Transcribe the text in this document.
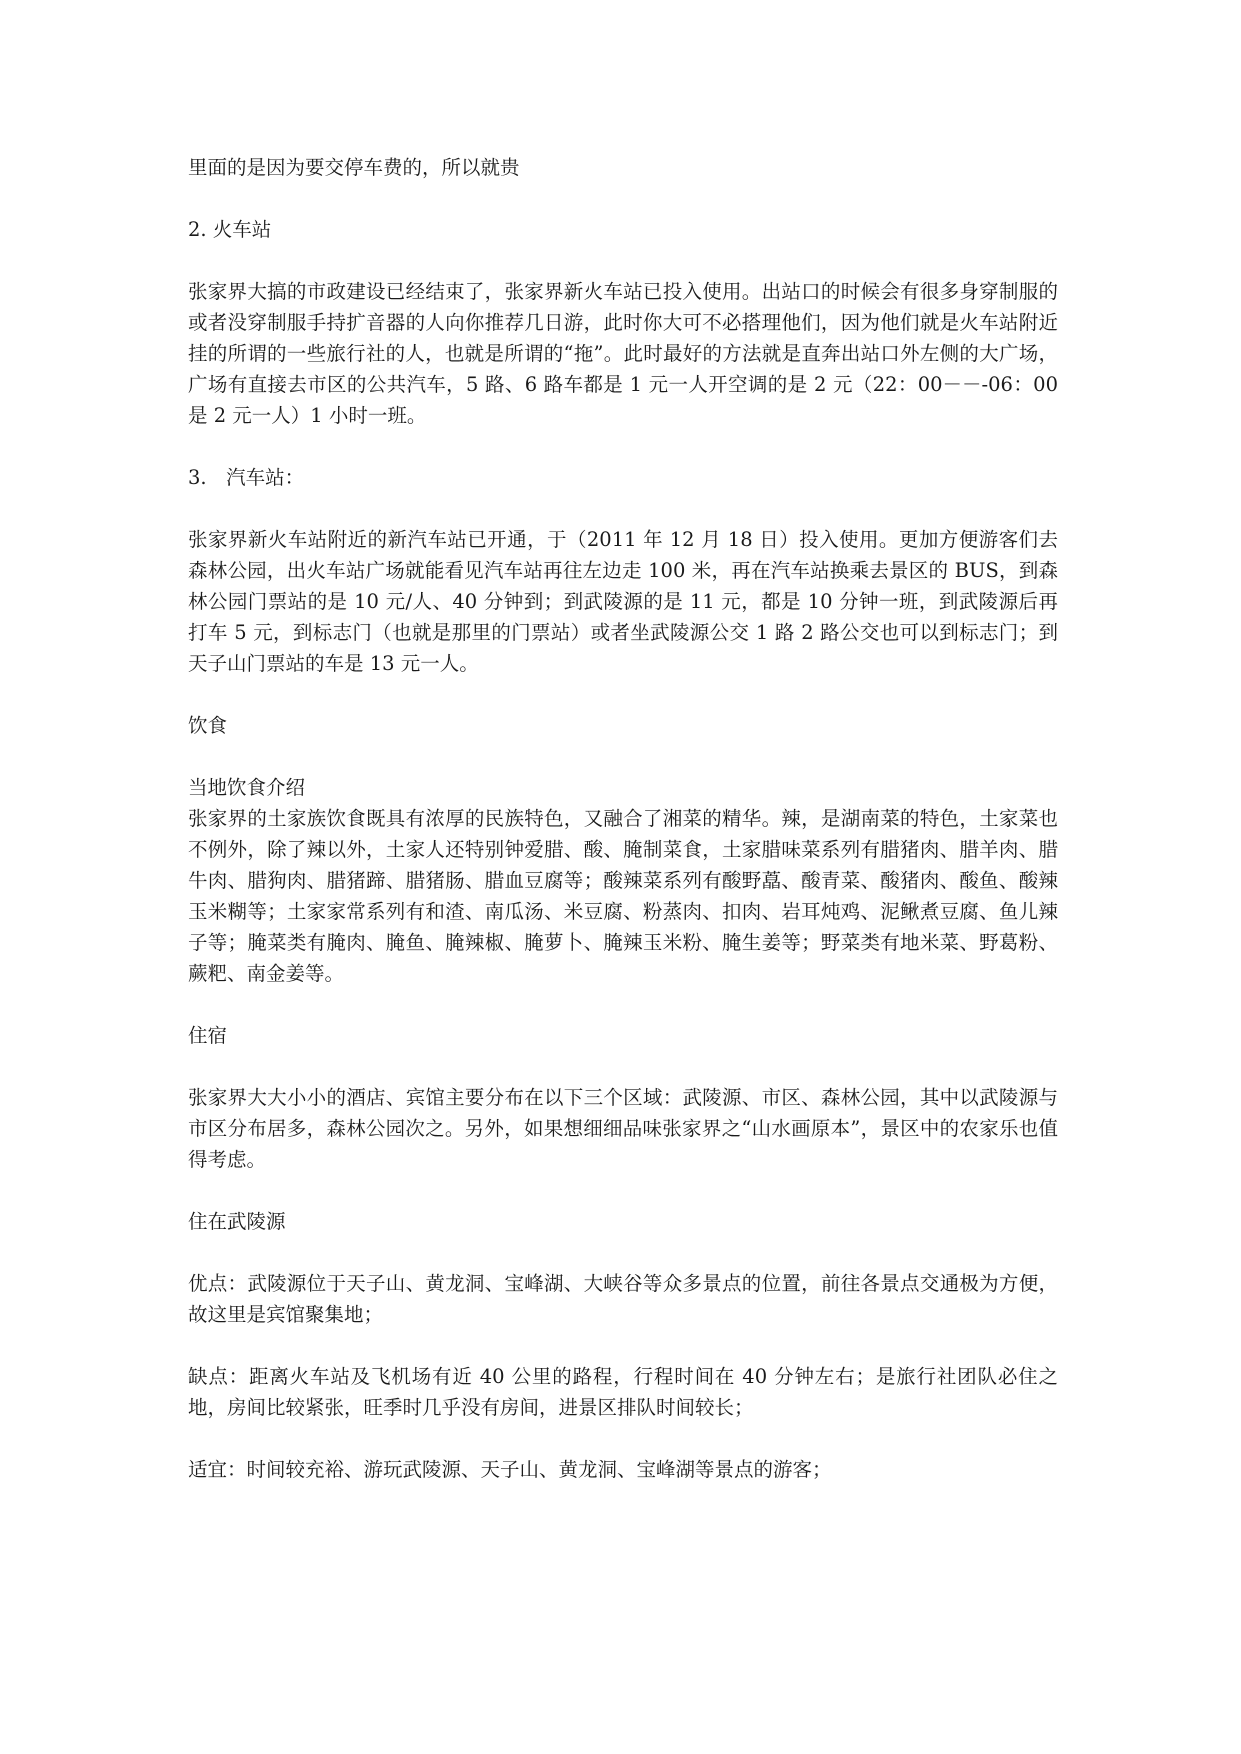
里面的是因为要交停车费的，所以就贵

2. 火车站

张家界大搞的市政建设已经结束了，张家界新火车站已投入使用。出站口的时候会有很多身穿制服的或者没穿制服手持扩音器的人向你推荐几日游，此时你大可不必搭理他们，因为他们就是火车站附近挂的所谓的一些旅行社的人，也就是所谓的“拖”。此时最好的方法就是直奔出站口外左侧的大广场，广场有直接去市区的公共汽车，5 路、6 路车都是 1 元一人开空调的是 2 元（22：00－－-06：00 是 2 元一人）1 小时一班。

3.　汽车站：

张家界新火车站附近的新汽车站已开通，于（2011 年 12 月 18 日）投入使用。更加方便游客们去森林公园，出火车站广场就能看见汽车站再往左边走 100 米，再在汽车站换乘去景区的 BUS，到森林公园门票站的是 10 元/人、40 分钟到；到武陵源的是 11 元，都是 10 分钟一班，到武陵源后再打车 5 元，到标志门（也就是那里的门票站）或者坐武陵源公交 1 路 2 路公交也可以到标志门；到天子山门票站的车是 13 元一人。

饮食

当地饮食介绍

张家界的土家族饮食既具有浓厚的民族特色，又融合了湘菜的精华。辣，是湖南菜的特色，土家菜也不例外，除了辣以外，土家人还特别钟爱腊、酸、腌制菜食，土家腊味菜系列有腊猪肉、腊羊肉、腊牛肉、腊狗肉、腊猪蹄、腊猪肠、腊血豆腐等；酸辣菜系列有酸野藠、酸青菜、酸猪肉、酸鱼、酸辣玉米糊等；土家家常系列有和渣、南瓜汤、米豆腐、粉蒸肉、扣肉、岩耳炖鸡、泥鳅煮豆腐、鱼儿辣子等；腌菜类有腌肉、腌鱼、腌辣椒、腌萝卜、腌辣玉米粉、腌生姜等；野菜类有地米菜、野葛粉、蕨粑、南金姜等。

住宿

张家界大大小小的酒店、宾馆主要分布在以下三个区域：武陵源、市区、森林公园，其中以武陵源与市区分布居多，森林公园次之。另外，如果想细细品味张家界之“山水画原本”，景区中的农家乐也值得考虑。

住在武陵源

优点：武陵源位于天子山、黄龙洞、宝峰湖、大峡谷等众多景点的位置，前往各景点交通极为方便，故这里是宾馆聚集地；

缺点：距离火车站及飞机场有近 40 公里的路程，行程时间在 40 分钟左右；是旅行社团队必住之地，房间比较紧张，旺季时几乎没有房间，进景区排队时间较长；

适宜：时间较充裕、游玩武陵源、天子山、黄龙洞、宝峰湖等景点的游客；
